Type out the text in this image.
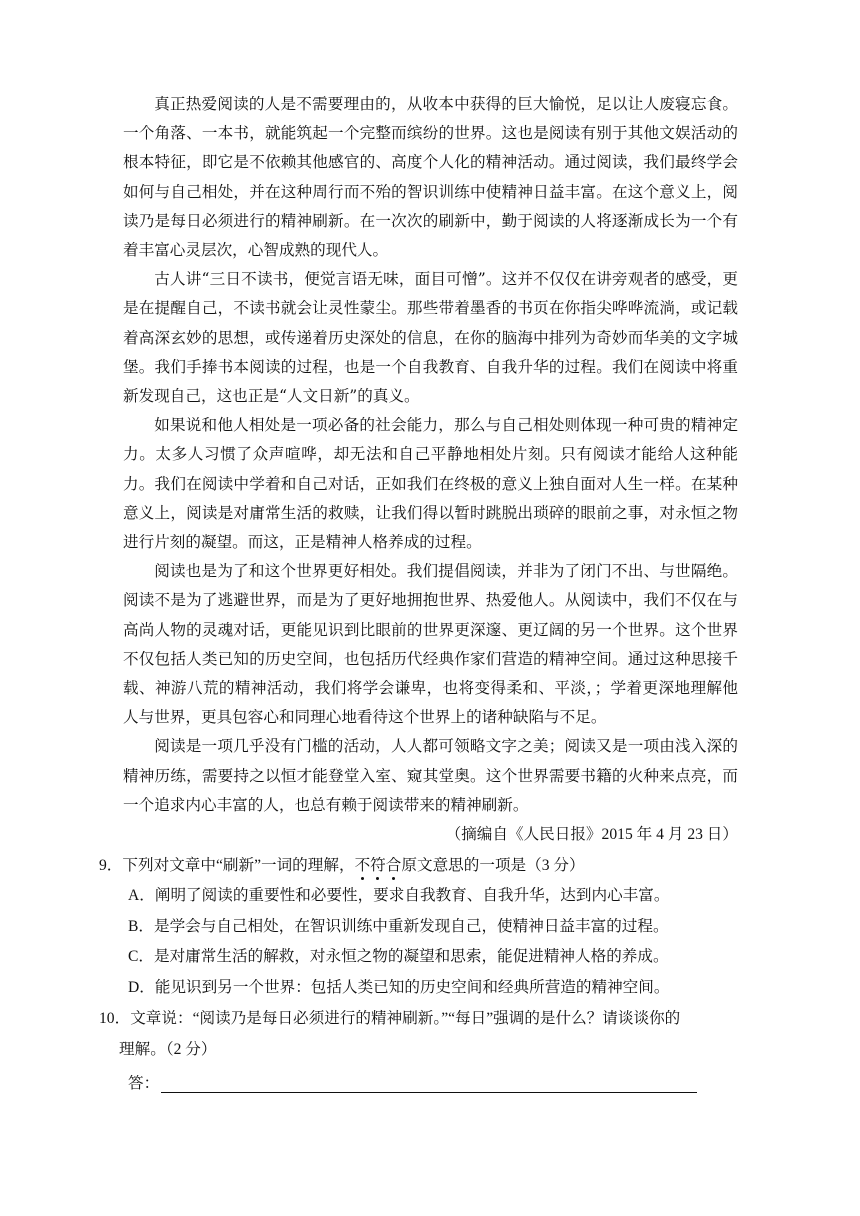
真正热爱阅读的人是不需要理由的，从收本中获得的巨大愉悦，足以让人废寝忘食。一个角落、一本书，就能筑起一个完整而缤纷的世界。这也是阅读有别于其他文娱活动的根本特征，即它是不依赖其他感官的、高度个人化的精神活动。通过阅读，我们最终学会如何与自己相处，并在这种周行而不殆的智识训练中使精神日益丰富。在这个意义上，阅读乃是每日必须进行的精神刷新。在一次次的刷新中，勤于阅读的人将逐渐成长为一个有着丰富心灵层次，心智成熟的现代人。

古人讲“三日不读书，便觉言语无味，面目可憎”。这并不仅仅在讲旁观者的感受，更是在提醒自己，不读书就会让灵性蒙尘。那些带着墨香的书页在你指尖哗哗流淌，或记载着高深玄妙的思想，或传递着历史深处的信息，在你的脑海中排列为奇妙而华美的文字城堡。我们手捧书本阅读的过程，也是一个自我教育、自我升华的过程。我们在阅读中将重新发现自己，这也正是“人文日新”的真义。

如果说和他人相处是一项必备的社会能力，那么与自己相处则体现一种可贵的精神定力。太多人习惯了众声喧哗，却无法和自己平静地相处片刻。只有阅读才能给人这种能力。我们在阅读中学着和自己对话，正如我们在终极的意义上独自面对人生一样。在某种意义上，阅读是对庸常生活的救赎，让我们得以暂时跳脱出琐碎的眼前之事，对永恒之物进行片刻的凝望。而这，正是精神人格养成的过程。

阅读也是为了和这个世界更好相处。我们提倡阅读，并非为了闭门不出、与世隔绝。阅读不是为了逃避世界，而是为了更好地拥抱世界、热爱他人。从阅读中，我们不仅在与高尚人物的灵魂对话，更能见识到比眼前的世界更深邃、更辽阔的另一个世界。这个世界不仅包括人类已知的历史空间，也包括历代经典作家们营造的精神空间。通过这种思接千载、神游八荒的精神活动，我们将学会谦卑，也将变得柔和、平淡，；学着更深地理解他人与世界，更具包容心和同理心地看待这个世界上的诸种缺陷与不足。

阅读是一项几乎没有门槛的活动，人人都可领略文字之美；阅读又是一项由浅入深的精神历练，需要持之以恒才能登堂入室、窥其堂奥。这个世界需要书籍的火种来点亮，而一个追求内心丰富的人，也总有赖于阅读带来的精神刷新。

（摘编自《人民日报》2015 年 4 月 23 日）

9．下列对文章中“刷新”一词的理解，不
符
合
原文意思的一项是（3 分）

A．阐明了阅读的重要性和必要性，要求自我教育、自我升华，达到内心丰富。

B．是学会与自己相处，在智识训练中重新发现自己，使精神日益丰富的过程。

C．是对庸常生活的解救，对永恒之物的凝望和思索，能促进精神人格的养成。

D．能见识到另一个世界：包括人类已知的历史空间和经典所营造的精神空间。

10．文章说：“阅读乃是每日必须进行的精神刷新。”“每日”强调的是什么？请谈谈你的

理解。（2 分）

答：
